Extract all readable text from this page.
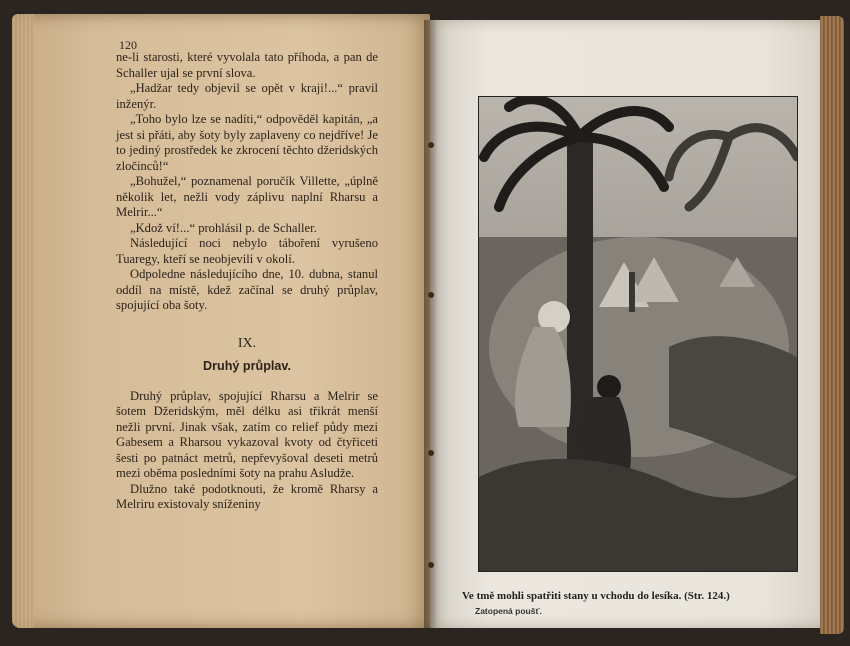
120

ne-li starosti, které vyvolala tato příhoda, a pan de Schaller ujal se první slova.

„Hadžar tedy objevil se opět v kraji!...“ pravil inženýr.

„Toho bylo lze se nadíti,“ odpověděl kapitán, „a jest si přáti, aby šoty byly zaplaveny co nejdříve! Je to jediný prostředek ke zkrocení těchto džeridských zločinců!“

„Bohužel,“ poznamenal poručík Villette, „úplně několik let, nežli vody záplivu naplní Rharsu a Melrir...“

„Kdož ví!...“ prohlásil p. de Schaller.

Následující noci nebylo táboření vyrušeno Tuaregy, kteří se neobjevili v okolí.

Odpoledne následujícího dne, 10. dubna, stanul oddíl na místě, kdež začínal se druhý průplav, spojující oba šoty.

IX.
Druhý průplav.

Druhý průplav, spojující Rharsu a Melrir se šotem Džeridským, měl délku asi třikrát menší nežli první. Jinak však, zatím co relief půdy mezi Gabesem a Rharsou vykazoval kvoty od čtyřiceti šesti po patnáct metrů, nepřevyšoval deseti metrů mezi oběma posledními šoty na prahu Asludže.

Dlužno také podotknouti, že kromě Rharsy a Melriru existovaly sníženiny

Ve tmě mohli spatřiti stany u vchodu do lesíka. (Str. 124.)
Zatopená poušť.
